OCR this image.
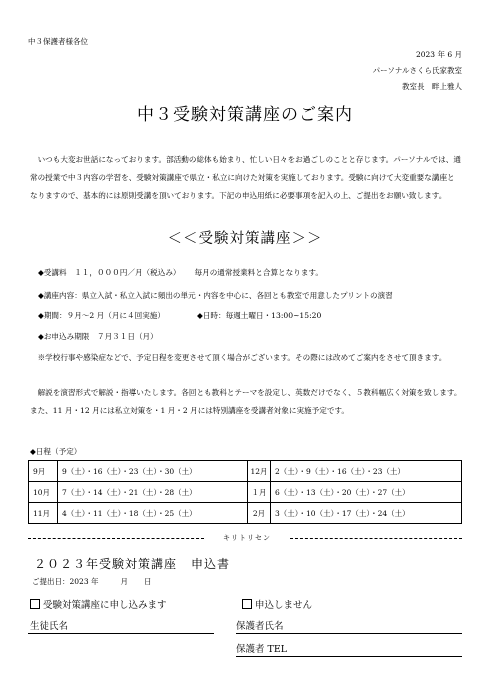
中３保護者様各位
2023 年 6 月
パーソナルさくら氏家教室
教室長　畔上雅人
中３受験対策講座のご案内
いつも大変お世話になっております。部活動の総体も始まり、忙しい日々をお過ごしのことと存じます。パーソナルでは、通常の授業で中３内容の学習を、受験対策講座で県立・私立に向けた対策を実施しております。受験に向けて大変重要な講座となりますので、基本的には原則受講を頂いております。下記の申込用紙に必要事項を記入の上、ご提出をお願い致します。
＜＜受験対策講座＞＞
◆受講料　１１，０００円／月（税込み） 毎月の通常授業料と合算となります。
◆講座内容：県立入試・私立入試に頻出の単元・内容を中心に、各回とも教室で用意したプリントの演習
◆期間：９月～2 月（月に４回実施）	◆日時：毎週土曜日・13:00~15:20
◆お申込み期限　７月３１日（月）
※学校行事や感染症などで、予定日程を変更させて頂く場合がございます。その際には改めてご案内をさせて頂きます。
解説を演習形式で解説・指導いたします。各回とも教科とテーマを設定し、英数だけでなく、５教科幅広く対策を致します。また、11 月・12 月には私立対策を・1 月・2 月には特別講座を受講者対象に実施予定です。
◆日程（予定）
9月	9（土）・16（土）・23（土）・30（土）	12月	2（土）・9（土）・16（土）・23（土）
10月	7（土）・14（土）・21（土）・28（土）	１月	6（土）・13（土）・20（土）・27（土）
11月	4（土）・11（土）・18（土）・25（土）	2月	3（土）・10（土）・17（土）・24（土）
キリトリセン
２０２３年受験対策講座 申込書
ご提出日：2023 年	月 日
受験対策講座に申し込みます	申込しません
生徒氏名	保護者氏名
保護者 TEL
